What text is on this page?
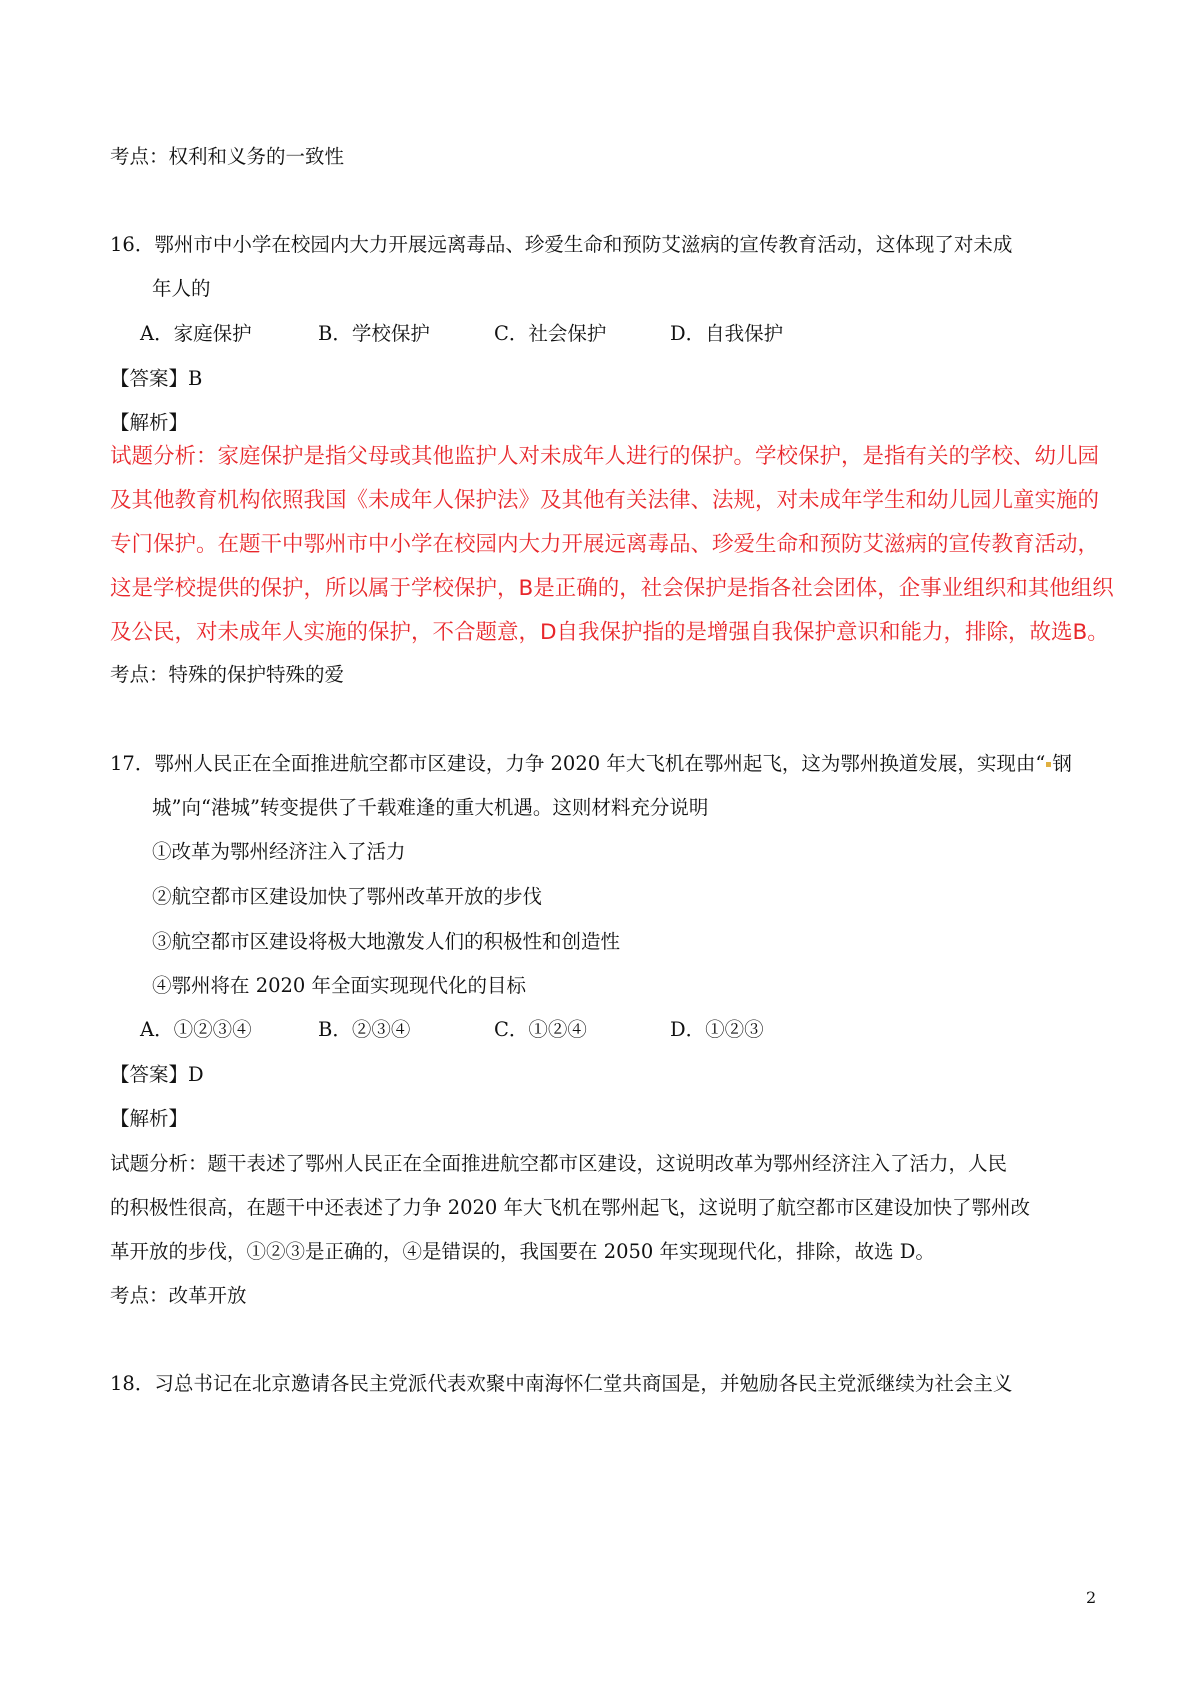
考点：权利和义务的一致性
16．鄂州市中小学在校园内大力开展远离毒品、珍爱生命和预防艾滋病的宣传教育活动，这体现了对未成
年人的
A．家庭保护	B．学校保护	C．社会保护	D．自我保护
【答案】B
【解析】
试题分析：家庭保护是指父母或其他监护人对未成年人进行的保护。学校保护，是指有关的学校、幼儿园
及其他教育机构依照我国《未成年人保护法》及其他有关法律、法规，对未成年学生和幼儿园儿童实施的
专门保护。在题干中鄂州市中小学在校园内大力开展远离毒品、珍爱生命和预防艾滋病的宣传教育活动，
这是学校提供的保护，所以属于学校保护，B是正确的，社会保护是指各社会团体，企事业组织和其他组织
及公民，对未成年人实施的保护，不合题意，D自我保护指的是增强自我保护意识和能力，排除，故选B。
考点：特殊的保护特殊的爱
17．鄂州人民正在全面推进航空都市区建设，力争 2020 年大飞机在鄂州起飞，这为鄂州换道发展，实现由“ 钢
城”向“港城”转变提供了千载难逢的重大机遇。这则材料充分说明
①改革为鄂州经济注入了活力
②航空都市区建设加快了鄂州改革开放的步伐
③航空都市区建设将极大地激发人们的积极性和创造性
④鄂州将在 2020 年全面实现现代化的目标
A．①②③④	B．②③④	C．①②④	D．①②③
【答案】D
【解析】
试题分析：题干表述了鄂州人民正在全面推进航空都市区建设，这说明改革为鄂州经济注入了活力，人民
的积极性很高，在题干中还表述了力争 2020 年大飞机在鄂州起飞，这说明了航空都市区建设加快了鄂州改
革开放的步伐，①②③是正确的，④是错误的，我国要在 2050 年实现现代化，排除，故选 D。
考点：改革开放
18．习总书记在北京邀请各民主党派代表欢聚中南海怀仁堂共商国是，并勉励各民主党派继续为社会主义
2
